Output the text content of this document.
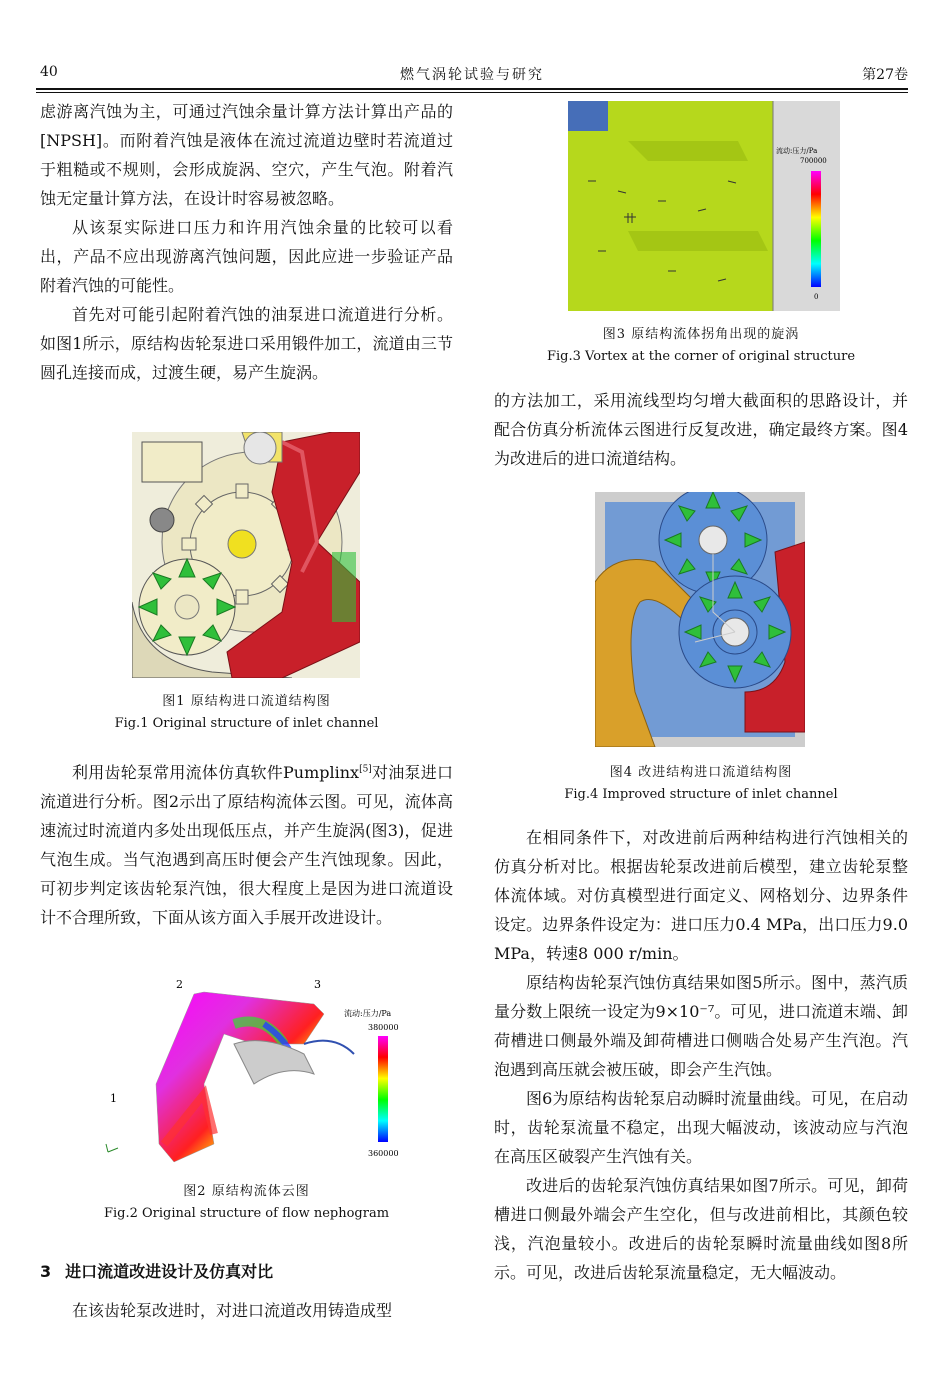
40	燃气涡轮试验与研究	第27卷

虑游离汽蚀为主，可通过汽蚀余量计算方法计算出产品的[NPSH]。而附着汽蚀是液体在流过流道边壁时若流道过于粗糙或不规则，会形成旋涡、空穴，产生气泡。附着汽蚀无定量计算方法，在设计时容易被忽略。

从该泵实际进口压力和许用汽蚀余量的比较可以看出，产品不应出现游离汽蚀问题，因此应进一步验证产品附着汽蚀的可能性。

首先对可能引起附着汽蚀的油泵进口流道进行分析。如图1所示，原结构齿轮泵进口采用锻件加工，流道由三节圆孔连接而成，过渡生硬，易产生旋涡。

图1 原结构进口流道结构图
Fig.1 Original structure of inlet channel

利用齿轮泵常用流体仿真软件Pumplinx[5]对油泵进口流道进行分析。图2示出了原结构流体云图。可见，流体高速流过时流道内多处出现低压点，并产生旋涡(图3)，促进气泡生成。当气泡遇到高压时便会产生汽蚀现象。因此，可初步判定该齿轮泵汽蚀，很大程度上是因为进口流道设计不合理所致，下面从该方面入手展开改进设计。

2	3
1
流动:压力/Pa
380000
360000
图2 原结构流体云图
Fig.2 Original structure of flow nephogram
3 进口流道改进设计及仿真对比

在该齿轮泵改进时，对进口流道改用铸造成型

流动:压力/Pa
700000
0
图3 原结构流体拐角出现的旋涡
Fig.3 Vortex at the corner of original structure

的方法加工，采用流线型均匀增大截面积的思路设计，并配合仿真分析流体云图进行反复改进，确定最终方案。图4为改进后的进口流道结构。

图4 改进结构进口流道结构图
Fig.4 Improved structure of inlet channel

在相同条件下，对改进前后两种结构进行汽蚀相关的仿真分析对比。根据齿轮泵改进前后模型，建立齿轮泵整体流体域。对仿真模型进行面定义、网格划分、边界条件设定。边界条件设定为：进口压力0.4 MPa，出口压力9.0 MPa，转速8 000 r/min。

原结构齿轮泵汽蚀仿真结果如图5所示。图中，蒸汽质量分数上限统一设定为9×10⁻⁷。可见，进口流道末端、卸荷槽进口侧最外端及卸荷槽进口侧啮合处易产生汽泡。汽泡遇到高压就会被压破，即会产生汽蚀。

图6为原结构齿轮泵启动瞬时流量曲线。可见，在启动时，齿轮泵流量不稳定，出现大幅波动，该波动应与汽泡在高压区破裂产生汽蚀有关。

改进后的齿轮泵汽蚀仿真结果如图7所示。可见，卸荷槽进口侧最外端会产生空化，但与改进前相比，其颜色较浅，汽泡量较小。改进后的齿轮泵瞬时流量曲线如图8所示。可见，改进后齿轮泵流量稳定，无大幅波动。
